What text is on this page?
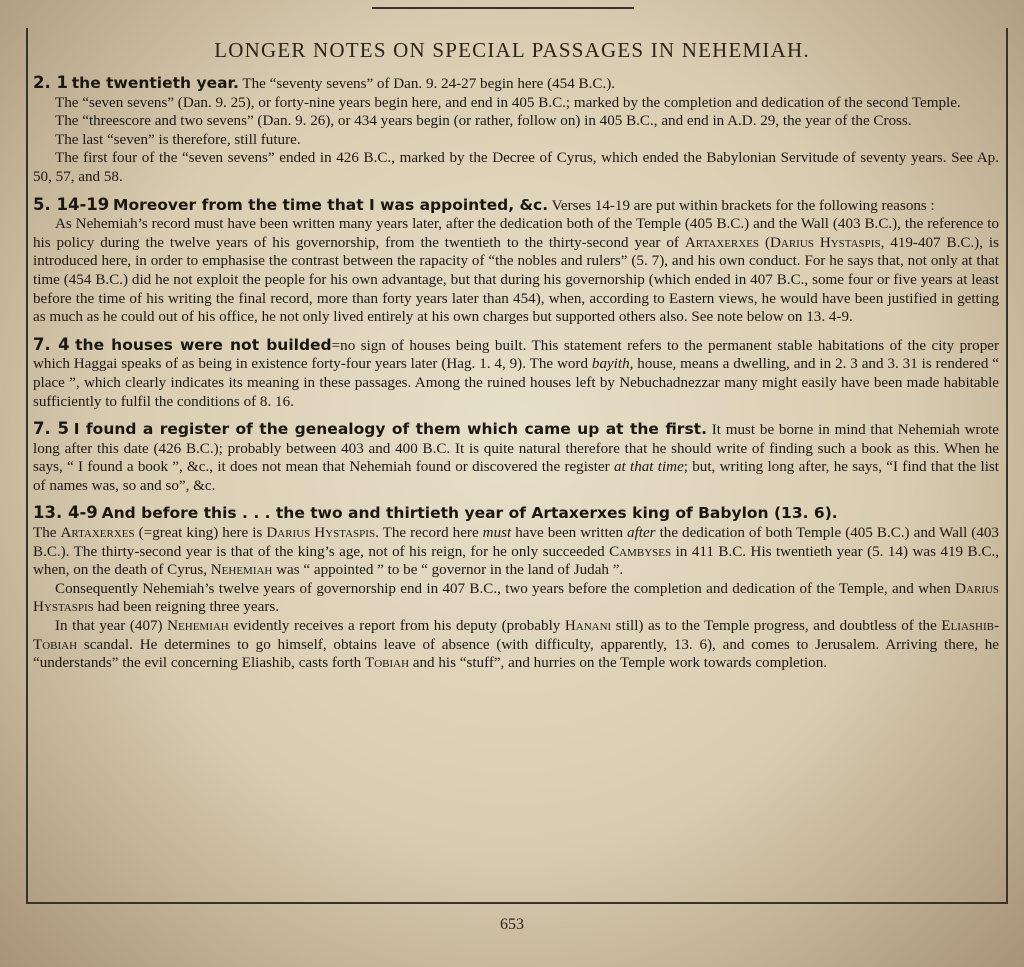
LONGER NOTES ON SPECIAL PASSAGES IN NEHEMIAH.

2. 1 the twentieth year. The “seventy sevens” of Dan. 9. 24-27 begin here (454 B.C.).

The “seven sevens” (Dan. 9. 25), or forty-nine years begin here, and end in 405 B.C.; marked by the completion and dedication of the second Temple.

The “threescore and two sevens” (Dan. 9. 26), or 434 years begin (or rather, follow on) in 405 B.C., and end in A.D. 29, the year of the Cross.

The last “seven” is therefore, still future.

The first four of the “seven sevens” ended in 426 B.C., marked by the Decree of Cyrus, which ended the Babylonian Servitude of seventy years. See Ap. 50, 57, and 58.

5. 14-19 Moreover from the time that I was appointed, &c. Verses 14-19 are put within brackets for the following reasons :

As Nehemiah’s record must have been written many years later, after the dedication both of the Temple (405 B.C.) and the Wall (403 B.C.), the reference to his policy during the twelve years of his governorship, from the twentieth to the thirty-second year of Artaxerxes (Darius Hystaspis, 419-407 B.C.), is introduced here, in order to emphasise the contrast between the rapacity of “the nobles and rulers” (5. 7), and his own conduct. For he says that, not only at that time (454 B.C.) did he not exploit the people for his own advantage, but that during his governorship (which ended in 407 B.C., some four or five years at least before the time of his writing the final record, more than forty years later than 454), when, according to Eastern views, he would have been justified in getting as much as he could out of his office, he not only lived entirely at his own charges but supported others also. See note below on 13. 4-9.

7. 4 the houses were not builded=no sign of houses being built. This statement refers to the permanent stable habitations of the city proper which Haggai speaks of as being in existence forty-four years later (Hag. 1. 4, 9). The word bayith, house, means a dwelling, and in 2. 3 and 3. 31 is rendered “ place ”, which clearly indicates its meaning in these passages. Among the ruined houses left by Nebuchadnezzar many might easily have been made habitable sufficiently to fulfil the conditions of 8. 16.

7. 5 I found a register of the genealogy of them which came up at the first. It must be borne in mind that Nehemiah wrote long after this date (426 B.C.); probably between 403 and 400 B.C. It is quite natural therefore that he should write of finding such a book as this. When he says, “ I found a book ”, &c., it does not mean that Nehemiah found or discovered the register at that time; but, writing long after, he says, “I find that the list of names was, so and so”, &c.

13. 4-9 And before this . . . the two and thirtieth year of Artaxerxes king of Babylon (13. 6).

The Artaxerxes (=great king) here is Darius Hystaspis. The record here must have been written after the dedication of both Temple (405 B.C.) and Wall (403 B.C.). The thirty-second year is that of the king’s age, not of his reign, for he only succeeded Cambyses in 411 B.C. His twentieth year (5. 14) was 419 B.C., when, on the death of Cyrus, Nehemiah was “ appointed ” to be “ governor in the land of Judah ”.

Consequently Nehemiah’s twelve years of governorship end in 407 B.C., two years before the completion and dedication of the Temple, and when Darius Hystaspis had been reigning three years.

In that year (407) Nehemiah evidently receives a report from his deputy (probably Hanani still) as to the Temple progress, and doubtless of the Eliashib-Tobiah scandal. He determines to go himself, obtains leave of absence (with difficulty, apparently, 13. 6), and comes to Jerusalem. Arriving there, he “understands” the evil concerning Eliashib, casts forth Tobiah and his “stuff”, and hurries on the Temple work towards completion.

653
